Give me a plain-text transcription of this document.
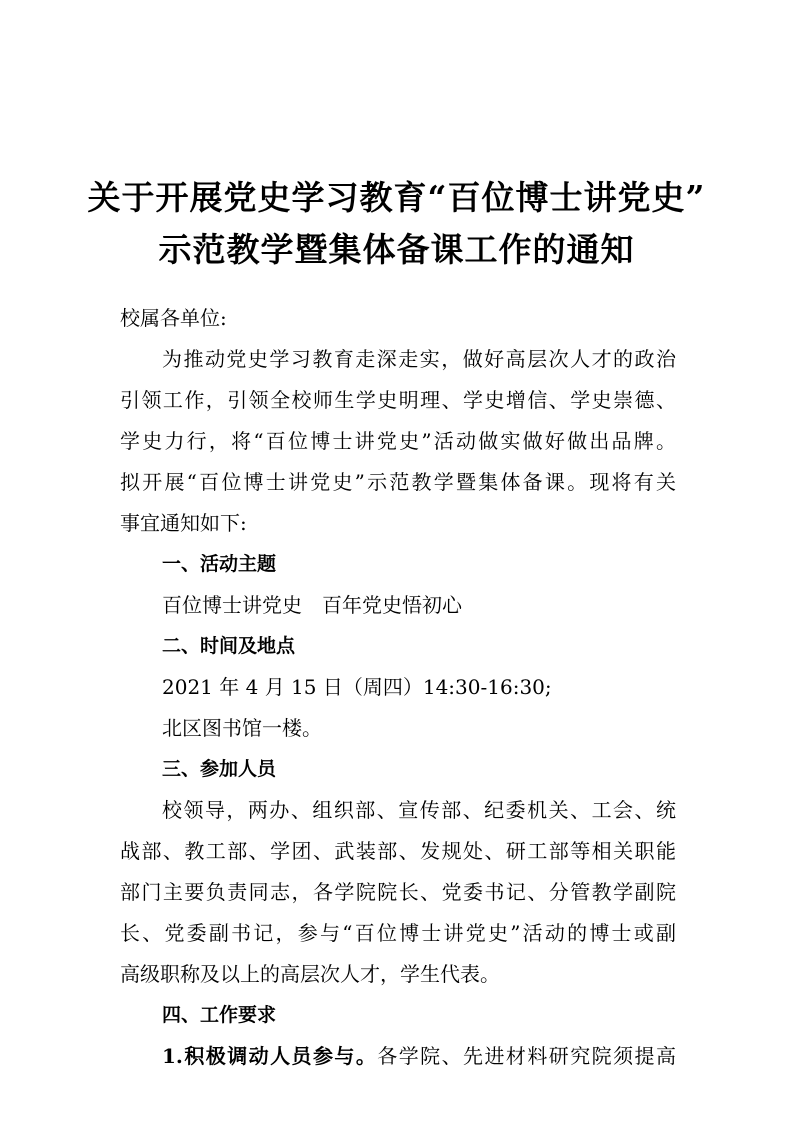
关于开展党史学习教育“百位博士讲党史”
示范教学暨集体备课工作的通知
校属各单位:
为推动党史学习教育走深走实，做好高层次人才的政治
引领工作，引领全校师生学史明理、学史增信、学史崇德、
学史力行，将“百位博士讲党史”活动做实做好做出品牌。
拟开展“百位博士讲党史”示范教学暨集体备课。现将有关
事宜通知如下:
一、活动主题
百位博士讲党史　百年党史悟初心
二、时间及地点
2021 年 4 月 15 日（周四）14:30-16:30;
北区图书馆一楼。
三、参加人员
校领导，两办、组织部、宣传部、纪委机关、工会、统
战部、教工部、学团、武装部、发规处、研工部等相关职能
部门主要负责同志，各学院院长、党委书记、分管教学副院
长、党委副书记，参与“百位博士讲党史”活动的博士或副
高级职称及以上的高层次人才，学生代表。
四、工作要求
1.积极调动人员参与。各学院、先进材料研究院须提高
